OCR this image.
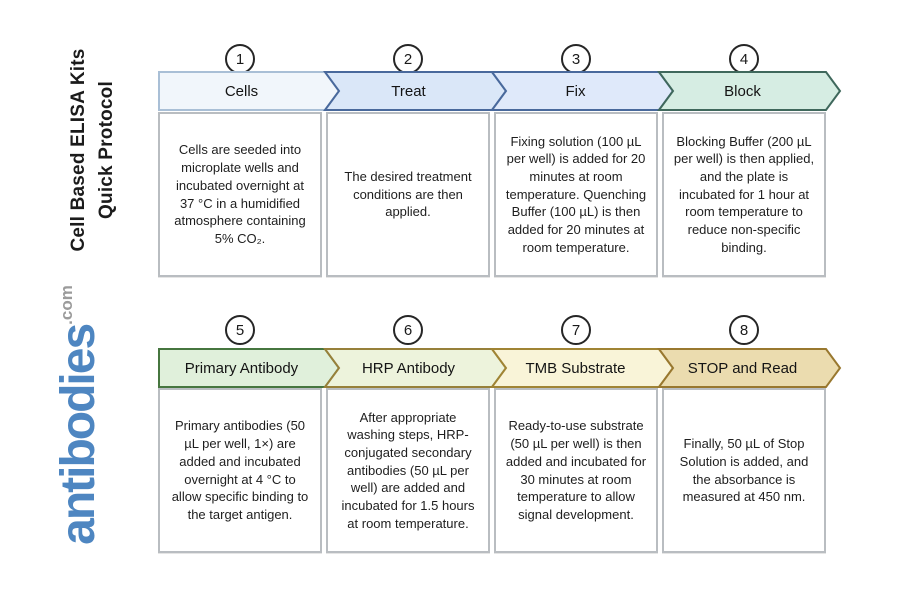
Cell Based ELISA Kits Quick Protocol
antibodies
.com
1	2	3	4
Cells	Treat	Fix	Block

Cells are seeded into microplate wells and incubated overnight at 37 °C in a humidified atmosphere containing 5% CO₂.

The desired treatment conditions are then applied.

Fixing solution (100 µL per well) is added for 20 minutes at room temperature. Quenching Buffer (100 µL) is then added for 20 minutes at room temperature.

Blocking Buffer (200 µL per well) is then applied, and the plate is incubated for 1 hour at room temperature to reduce non-specific binding.

5	6	7	8
Primary Antibody	HRP Antibody	TMB Substrate	STOP and Read

Primary antibodies (50 µL per well, 1×) are added and incubated overnight at 4 °C to allow specific binding to the target antigen.

After appropriate washing steps, HRP-conjugated secondary antibodies (50 µL per well) are added and incubated for 1.5 hours at room temperature.

Ready-to-use substrate (50 µL per well) is then added and incubated for 30 minutes at room temperature to allow signal development.

Finally, 50 µL of Stop Solution is added, and the absorbance is measured at 450 nm.
